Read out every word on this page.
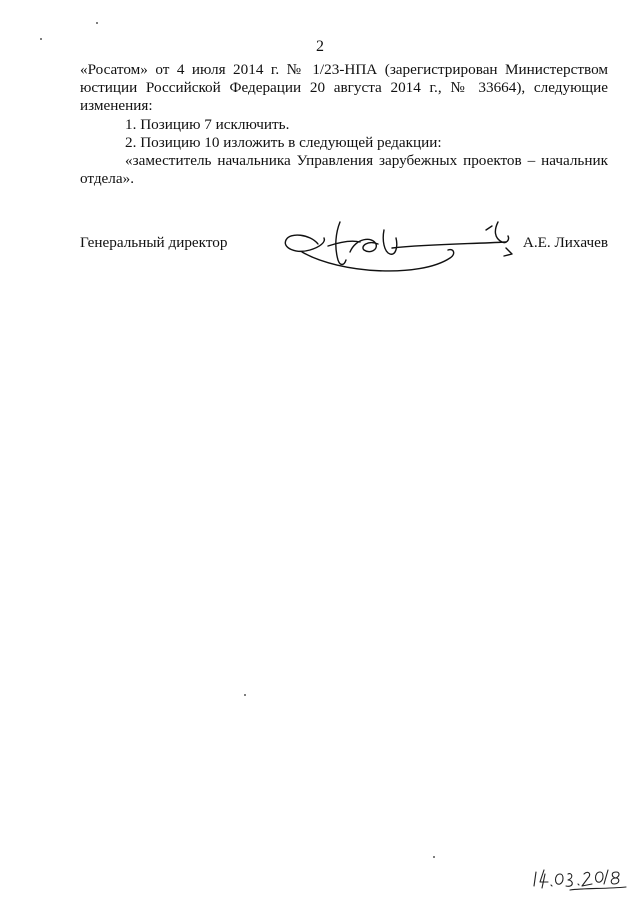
2

«Росатом» от 4 июля 2014 г. № 1/23-НПА (зарегистрирован Министерством юстиции Российской Федерации 20 августа 2014 г., № 33664), следующие изменения:

1. Позицию 7 исключить.

2. Позицию 10 изложить в следующей редакции:

«заместитель начальника Управления зарубежных проектов – начальник отдела».

Генеральный директор	А.Е. Лихачев
